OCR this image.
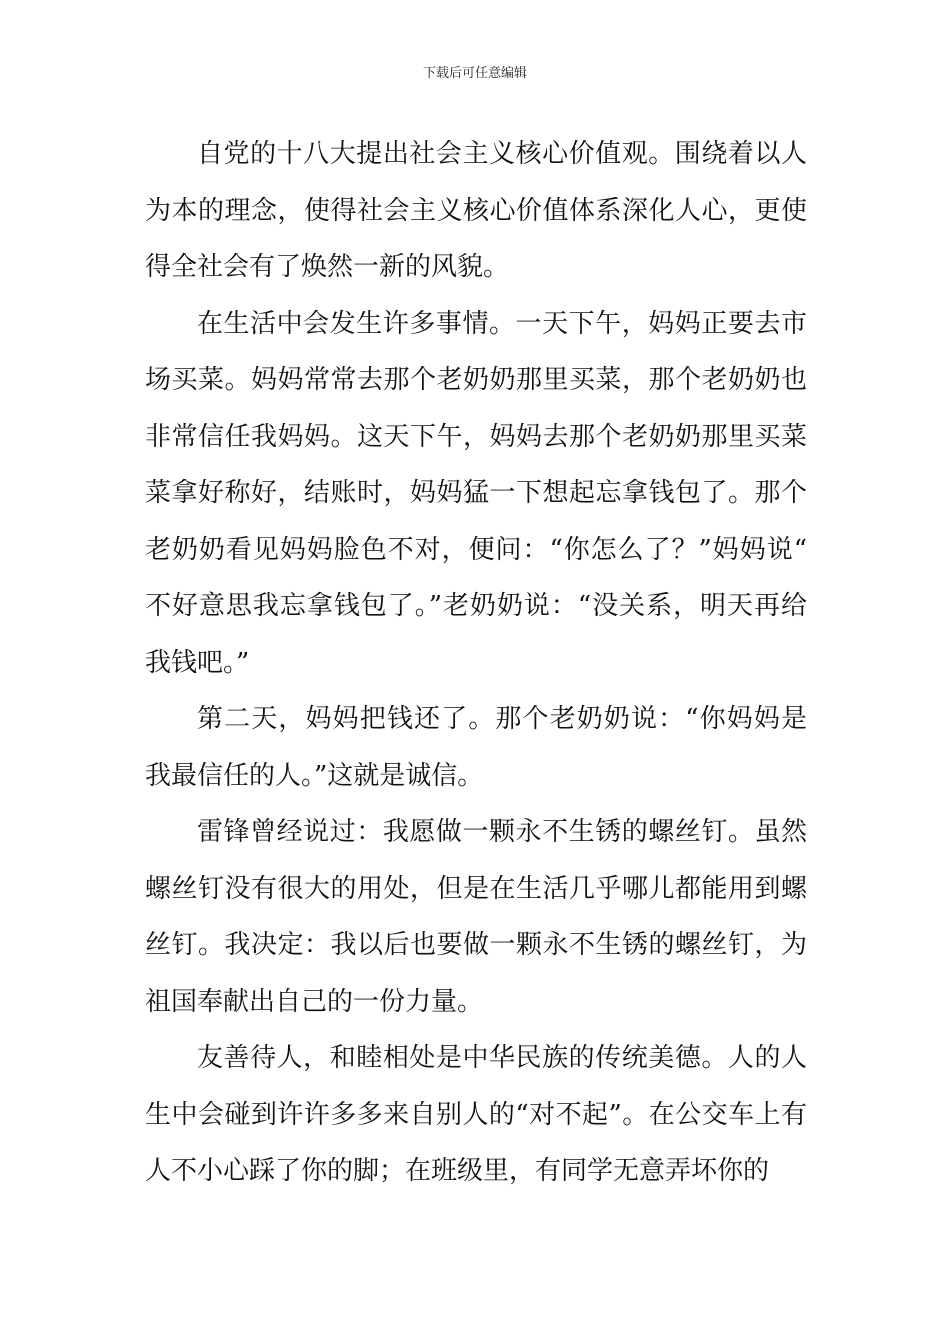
下载后可任意编辑

自党的十八大提出社会主义核心价值观。围绕着以人为本的理念，使得社会主义核心价值体系深化人心，更使得全社会有了焕然一新的风貌。

在生活中会发生许多事情。一天下午，妈妈正要去市场买菜。妈妈常常去那个老奶奶那里买菜，那个老奶奶也非常信任我妈妈。这天下午，妈妈去那个老奶奶那里买菜菜拿好称好，结账时，妈妈猛一下想起忘拿钱包了。那个老奶奶看见妈妈脸色不对，便问：“你怎么了？”妈妈说“不好意思我忘拿钱包了。”老奶奶说：“没关系，明天再给我钱吧。”

第二天，妈妈把钱还了。那个老奶奶说：“你妈妈是我最信任的人。”这就是诚信。

雷锋曾经说过：我愿做一颗永不生锈的螺丝钉。虽然螺丝钉没有很大的用处，但是在生活几乎哪儿都能用到螺丝钉。我决定：我以后也要做一颗永不生锈的螺丝钉，为祖国奉献出自己的一份力量。

友善待人，和睦相处是中华民族的传统美德。人的人生中会碰到许许多多来自别人的“对不起”。在公交车上有人不小心踩了你的脚；在班级里，有同学无意弄坏你的
